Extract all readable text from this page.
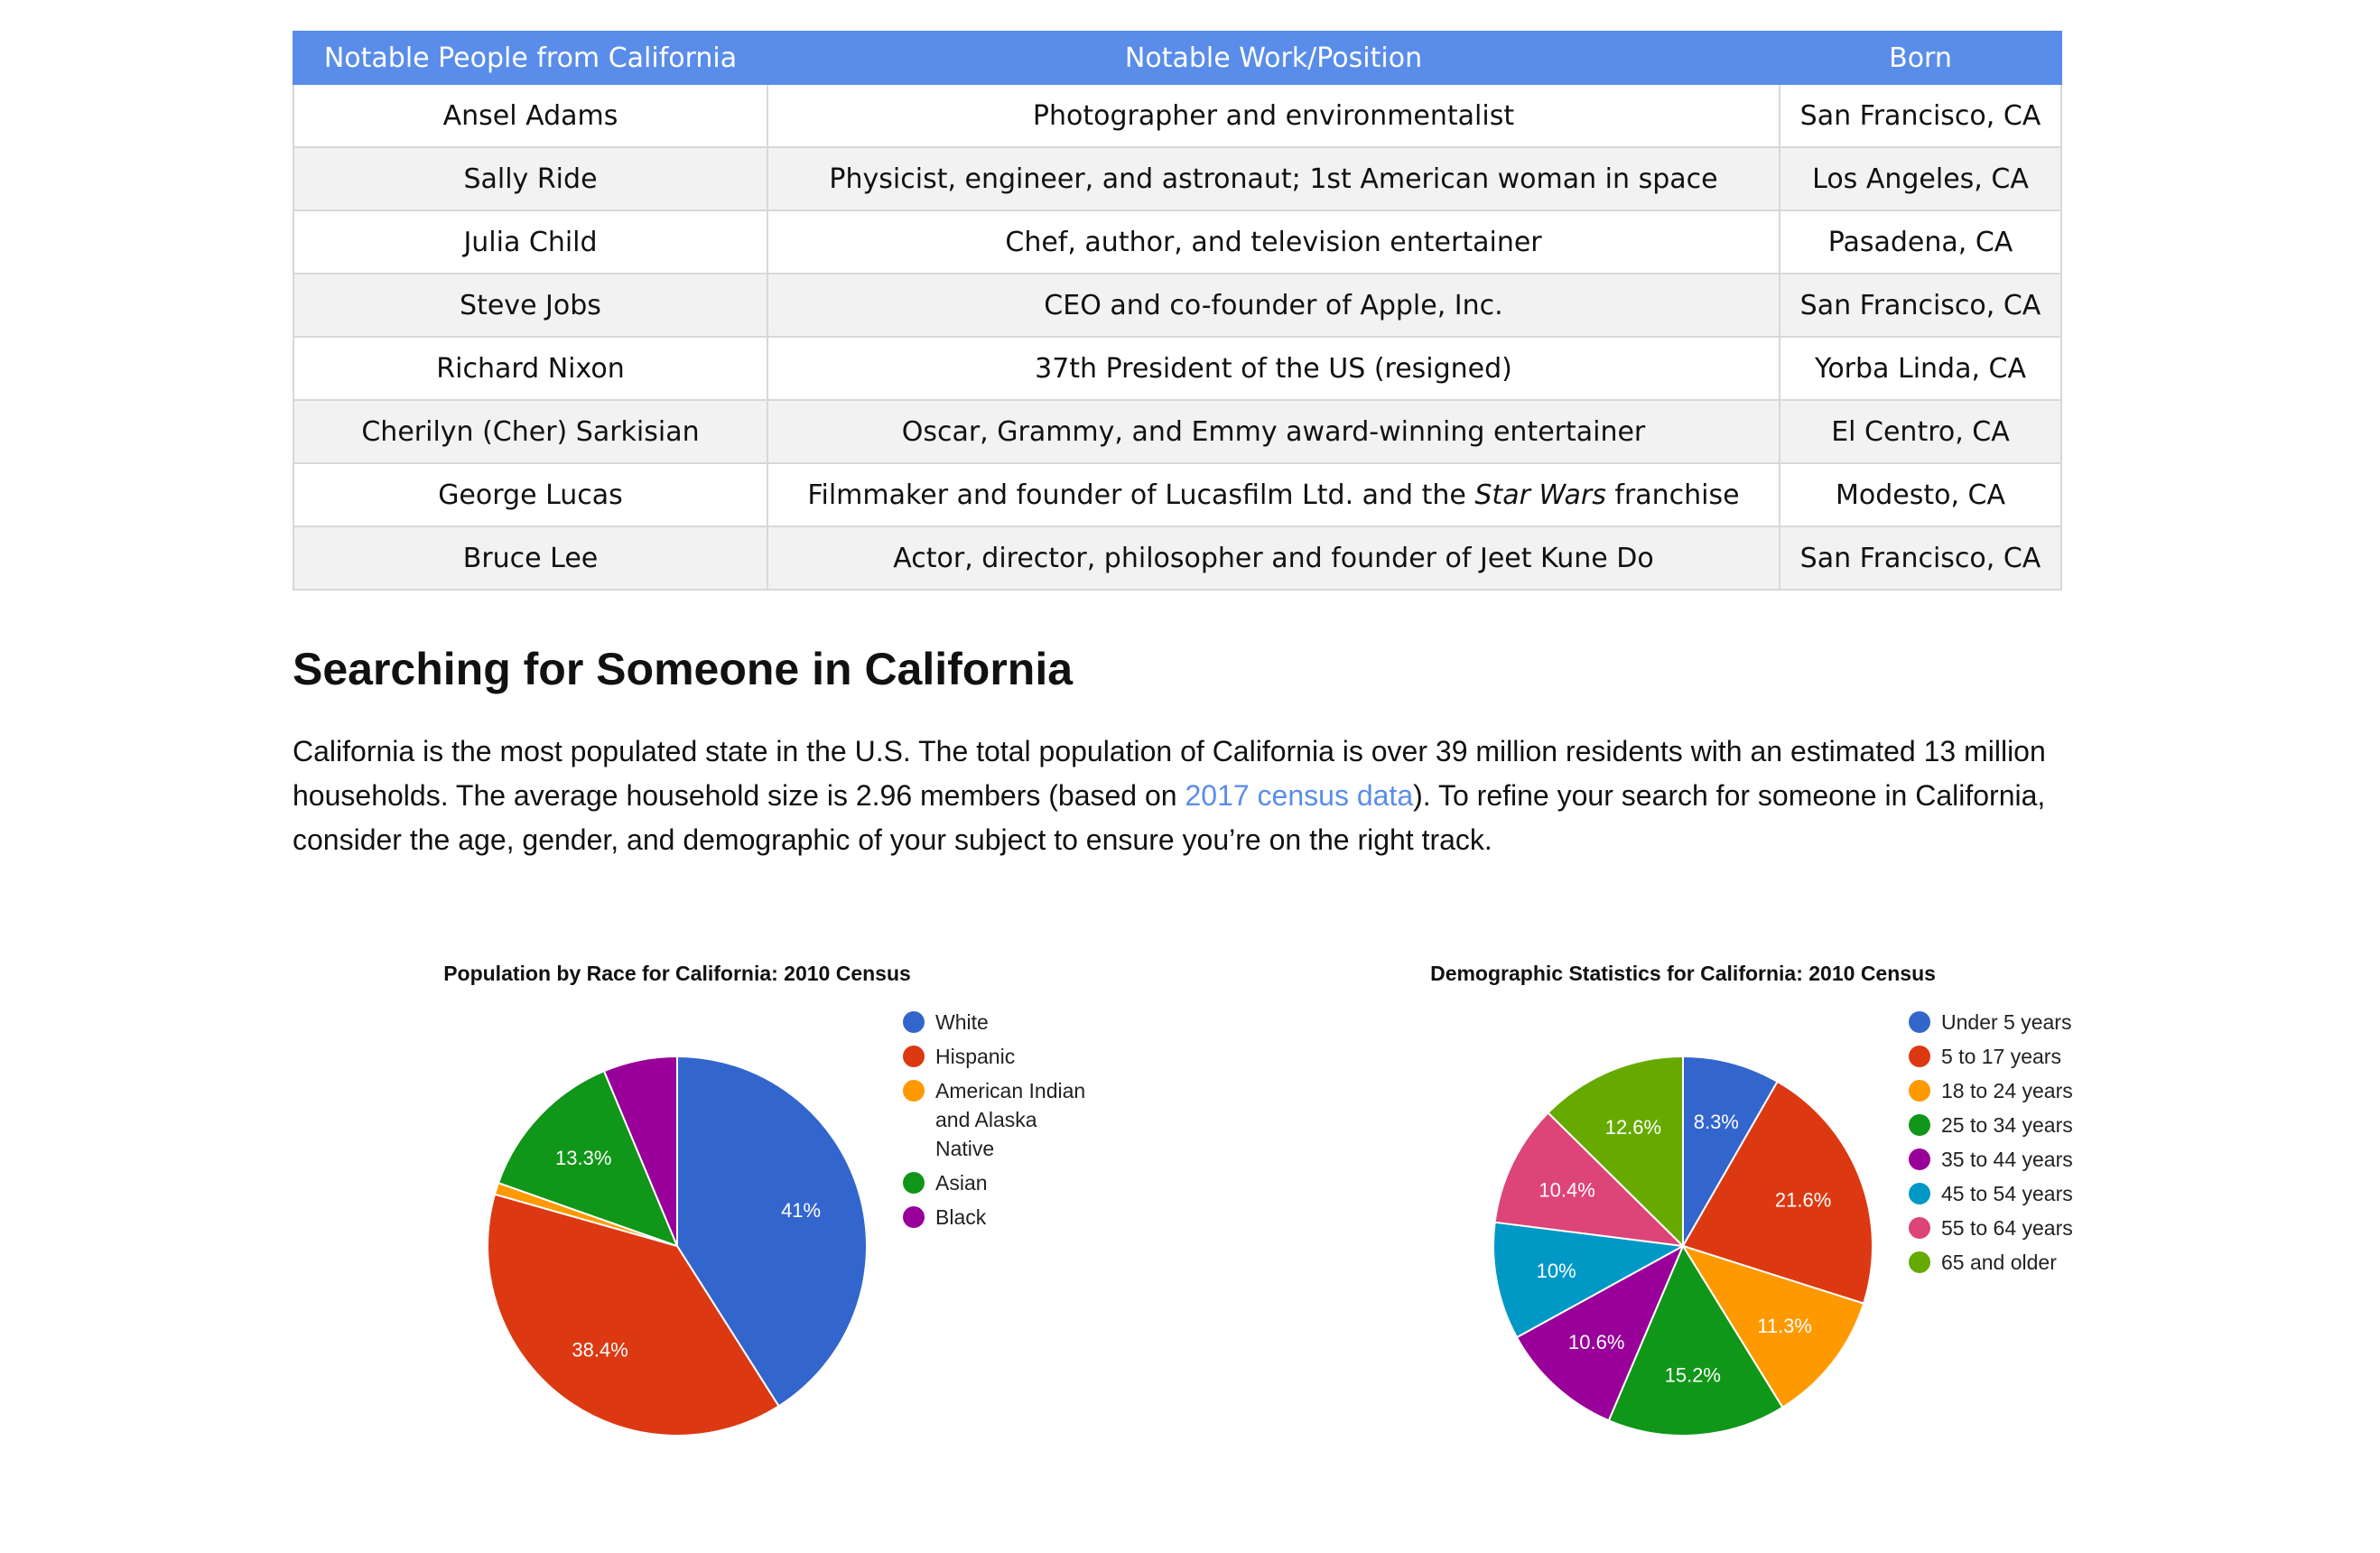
Notable People from California	Notable Work/Position	Born
Ansel Adams	Photographer and environmentalist	San Francisco, CA
Sally Ride	Physicist, engineer, and astronaut; 1st American woman in space	Los Angeles, CA
Julia Child	Chef, author, and television entertainer	Pasadena, CA
Steve Jobs	CEO and co-founder of Apple, Inc.	San Francisco, CA
Richard Nixon	37th President of the US (resigned)	Yorba Linda, CA
Cherilyn (Cher) Sarkisian	Oscar, Grammy, and Emmy award-winning entertainer	El Centro, CA
George Lucas	Filmmaker and founder of Lucasfilm Ltd. and the Star Wars franchise	Modesto, CA
Bruce Lee	Actor, director, philosopher and founder of Jeet Kune Do	San Francisco, CA
Searching for Someone in California

California is the most populated state in the U.S. The total population of California is over 39 million residents with an estimated 13 million households. The average household size is 2.96 members (based on 2017 census data). To refine your search for someone in California, consider the age, gender, and demographic of your subject to ensure you’re on the right track.

Population by Race for California: 2010 Census
41%
38.4%
13.3%
White
Hispanic
American Indian and Alaska Native
Asian
Black
Demographic Statistics for California: 2010 Census
8.3%
21.6%
11.3%
15.2%
10.6%
10%
10.4%
12.6%
Under 5 years
5 to 17 years
18 to 24 years
25 to 34 years
35 to 44 years
45 to 54 years
55 to 64 years
65 and older
